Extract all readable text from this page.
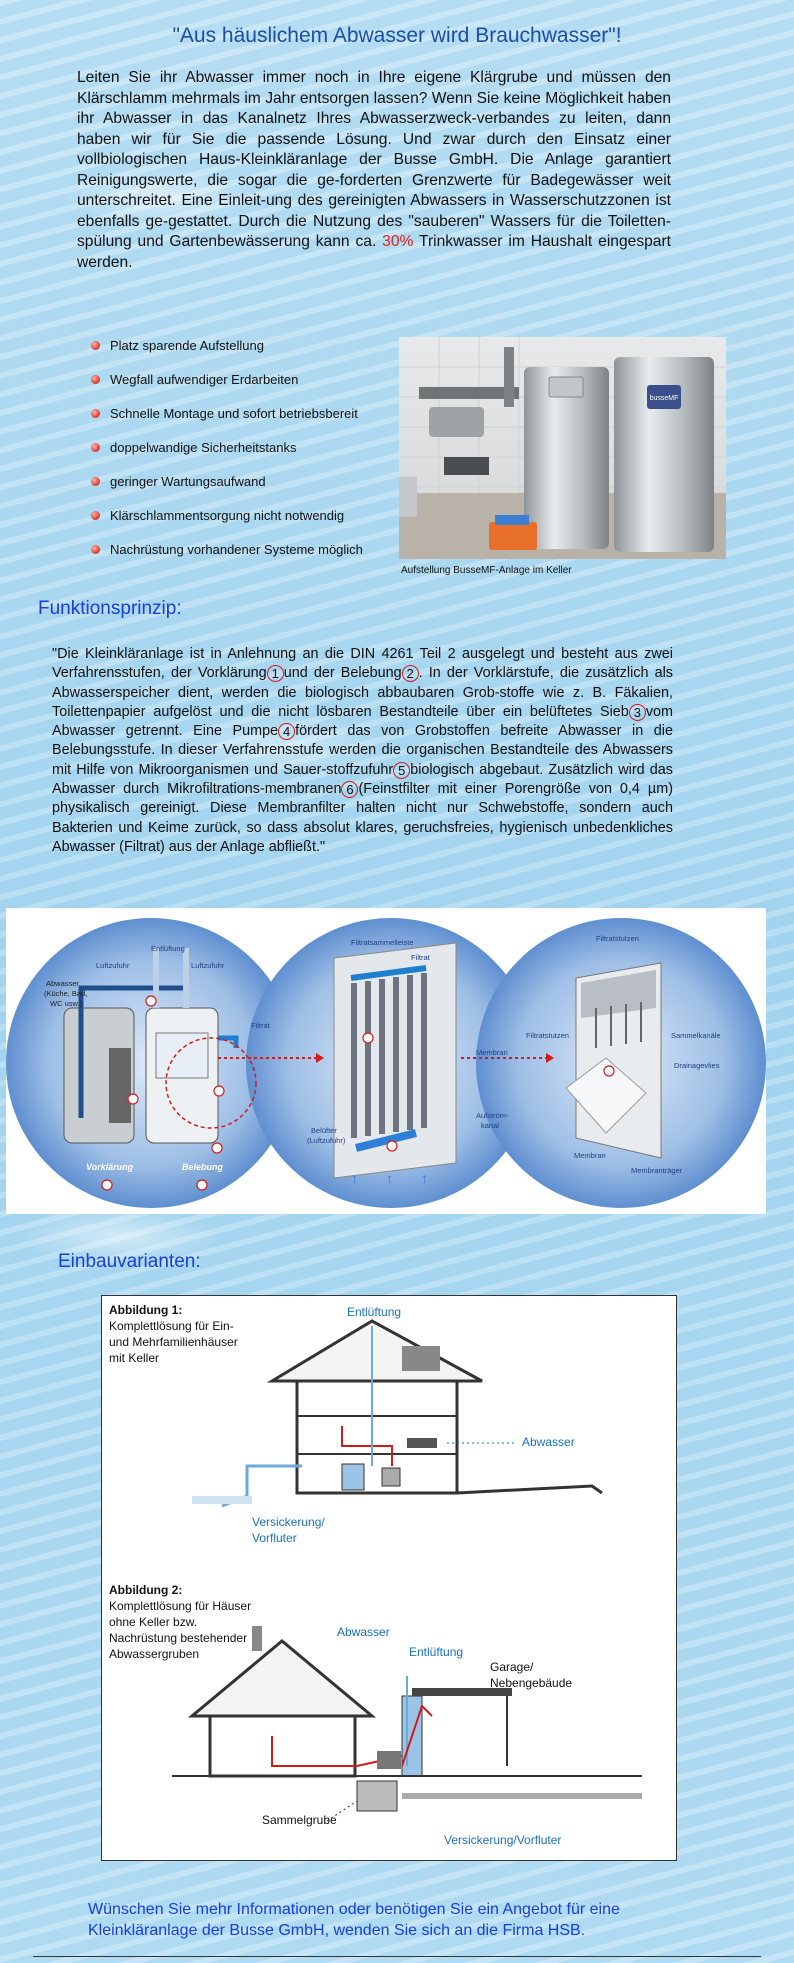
"Aus häuslichem Abwasser wird Brauchwasser"!

Leiten Sie ihr Abwasser immer noch in Ihre eigene Klärgrube und müssen den Klärschlamm mehrmals im Jahr entsorgen lassen? Wenn Sie keine Möglichkeit haben ihr Abwasser in das Kanalnetz Ihres Abwasserzweck-verbandes zu leiten, dann haben wir für Sie die passende Lösung. Und zwar durch den Einsatz einer vollbiologischen Haus-Kleinkläranlage der Busse GmbH. Die Anlage garantiert Reinigungswerte, die sogar die ge-forderten Grenzwerte für Badegewässer weit unterschreitet. Eine Einleit-ung des gereinigten Abwassers in Wasserschutzzonen ist ebenfalls ge-gestattet. Durch die Nutzung des "sauberen" Wassers für die Toiletten-spülung und Gartenbewässerung kann ca. 30% Trinkwasser im Haushalt eingespart werden.

Platz sparende Aufstellung
Wegfall aufwendiger Erdarbeiten
Schnelle Montage und sofort betriebsbereit
doppelwandige Sicherheitstanks
geringer Wartungsaufwand
Klärschlammentsorgung nicht notwendig
Nachrüstung vorhandener Systeme möglich
busseMF
Aufstellung BusseMF-Anlage im Keller
Funktionsprinzip:

"Die Kleinkläranlage ist in Anlehnung an die DIN 4261 Teil 2 ausgelegt und besteht aus zwei Verfahrensstufen, der Vorklärung 1 und der Belebung 2 . In der Vorklärstufe, die zusätzlich als Abwasserspeicher dient, werden die biologisch abbaubaren Grob-stoffe wie z. B. Fäkalien, Toilettenpapier aufgelöst und die nicht lösbaren Bestandteile über ein belüftetes Sieb 3 vom Abwasser getrennt. Eine Pumpe 4 fördert das von Grobstoffen befreite Abwasser in die Belebungsstufe. In dieser Verfahrensstufe werden die organischen Bestandteile des Abwassers mit Hilfe von Mikroorganismen und Sauer-stoffzufuhr 5 biologisch abgebaut. Zusätzlich wird das Abwasser durch Mikrofiltrations-membranen 6 (Feinstfilter mit einer Porengröße von 0,4 µm) physikalisch gereinigt. Diese Membranfilter halten nicht nur Schwebstoffe, sondern auch Bakterien und Keime zurück, so dass absolut klares, geruchsfreies, hygienisch unbedenkliches Abwasser (Filtrat) aus der Anlage abfließt."

Entlüftung
Luftzufuhr	Luftzufuhr
Filtrat
Abwasser
(Küche, Bad,
WC usw.)
Vorklärung	Belebung
Filtratsammelleiste
Filtrat
Membran
Belüfter
(Luftzufuhr)
Aufström-
kanal
Filtratstutzen
↑ ↑ ↑
Filtratstutzen
Sammelkanäle
Drainagevlies
Membran
Membranträger
Einbauvarianten:
Abbildung 1:
Komplettlösung für Ein-
und Mehrfamilienhäuser
mit Keller
Entlüftung
Abwasser
Versickerung/
Vorfluter
Abbildung 2:
Komplettlösung für Häuser
ohne Keller bzw.
Nachrüstung bestehender
Abwassergruben
Abwasser
Entlüftung
Versickerung/Vorfluter
Garage/
Nebengebäude
Sammelgrube
Wünschen Sie mehr Informationen oder benötigen Sie ein Angebot für eine Kleinkläranlage der Busse GmbH, wenden Sie sich an die Firma HSB.
